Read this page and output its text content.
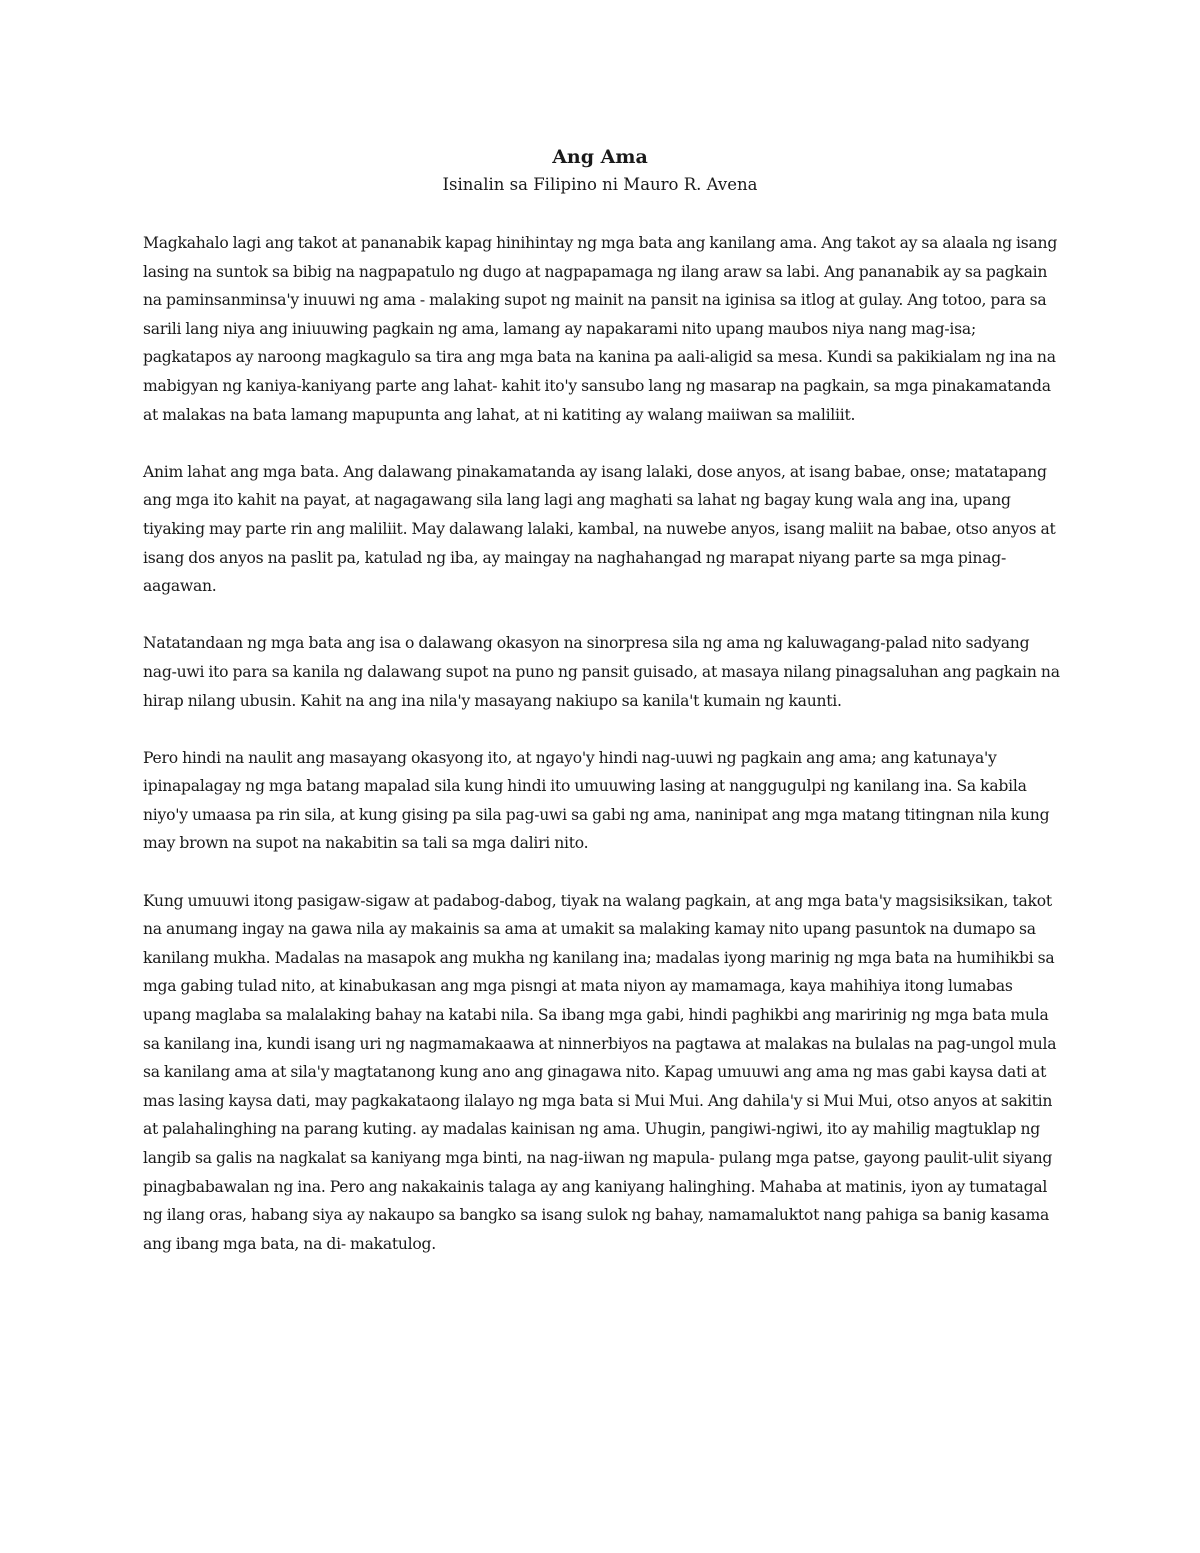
Ang Ama

Isinalin sa Filipino ni Mauro R. Avena

Magkahalo lagi ang takot at pananabik kapag hinihintay ng mga bata ang kanilang ama. Ang takot ay sa alaala ng isang lasing na suntok sa bibig na nagpapatulo ng dugo at nagpapamaga ng ilang araw sa labi. Ang pananabik ay sa pagkain na paminsanminsa'y inuuwi ng ama - malaking supot ng mainit na pansit na iginisa sa itlog at gulay. Ang totoo, para sa sarili lang niya ang iniuuwing pagkain ng ama, lamang ay napakarami nito upang maubos niya nang mag-isa; pagkatapos ay naroong magkagulo sa tira ang mga bata na kanina pa aali-aligid sa mesa. Kundi sa pakikialam ng ina na mabigyan ng kaniya-kaniyang parte ang lahat- kahit ito'y sansubo lang ng masarap na pagkain, sa mga pinakamatanda at malakas na bata lamang mapupunta ang lahat, at ni katiting ay walang maiiwan sa maliliit.

Anim lahat ang mga bata. Ang dalawang pinakamatanda ay isang lalaki, dose anyos, at isang babae, onse; matatapang ang mga ito kahit na payat, at nagagawang sila lang lagi ang maghati sa lahat ng bagay kung wala ang ina, upang tiyaking may parte rin ang maliliit. May dalawang lalaki, kambal, na nuwebe anyos, isang maliit na babae, otso anyos at isang dos anyos na paslit pa, katulad ng iba, ay maingay na naghahangad ng marapat niyang parte sa mga pinag-aagawan.

Natatandaan ng mga bata ang isa o dalawang okasyon na sinorpresa sila ng ama ng kaluwagang-palad nito sadyang nag-uwi ito para sa kanila ng dalawang supot na puno ng pansit guisado, at masaya nilang pinagsaluhan ang pagkain na hirap nilang ubusin. Kahit na ang ina nila'y masayang nakiupo sa kanila't kumain ng kaunti.

Pero hindi na naulit ang masayang okasyong ito, at ngayo'y hindi nag-uuwi ng pagkain ang ama; ang katunaya'y ipinapalagay ng mga batang mapalad sila kung hindi ito umuuwing lasing at nanggugulpi ng kanilang ina. Sa kabila niyo'y umaasa pa rin sila, at kung gising pa sila pag-uwi sa gabi ng ama, naninipat ang mga matang titingnan nila kung may brown na supot na nakabitin sa tali sa mga daliri nito.

Kung umuuwi itong pasigaw-sigaw at padabog-dabog, tiyak na walang pagkain, at ang mga bata'y magsisiksikan, takot na anumang ingay na gawa nila ay makainis sa ama at umakit sa malaking kamay nito upang pasuntok na dumapo sa kanilang mukha. Madalas na masapok ang mukha ng kanilang ina; madalas iyong marinig ng mga bata na humihikbi sa mga gabing tulad nito, at kinabukasan ang mga pisngi at mata niyon ay mamamaga, kaya mahihiya itong lumabas upang maglaba sa malalaking bahay na katabi nila. Sa ibang mga gabi, hindi paghikbi ang maririnig ng mga bata mula sa kanilang ina, kundi isang uri ng nagmamakaawa at ninnerbiyos na pagtawa at malakas na bulalas na pag-ungol mula sa kanilang ama at sila'y magtatanong kung ano ang ginagawa nito. Kapag umuuwi ang ama ng mas gabi kaysa dati at mas lasing kaysa dati, may pagkakataong ilalayo ng mga bata si Mui Mui. Ang dahila'y si Mui Mui, otso anyos at sakitin at palahalinghing na parang kuting. ay madalas kainisan ng ama. Uhugin, pangiwi-ngiwi, ito ay mahilig magtuklap ng langib sa galis na nagkalat sa kaniyang mga binti, na nag-iiwan ng mapula- pulang mga patse, gayong paulit-ulit siyang pinagbabawalan ng ina. Pero ang nakakainis talaga ay ang kaniyang halinghing. Mahaba at matinis, iyon ay tumatagal ng ilang oras, habang siya ay nakaupo sa bangko sa isang sulok ng bahay, namamaluktot nang pahiga sa banig kasama ang ibang mga bata, na di- makatulog.
